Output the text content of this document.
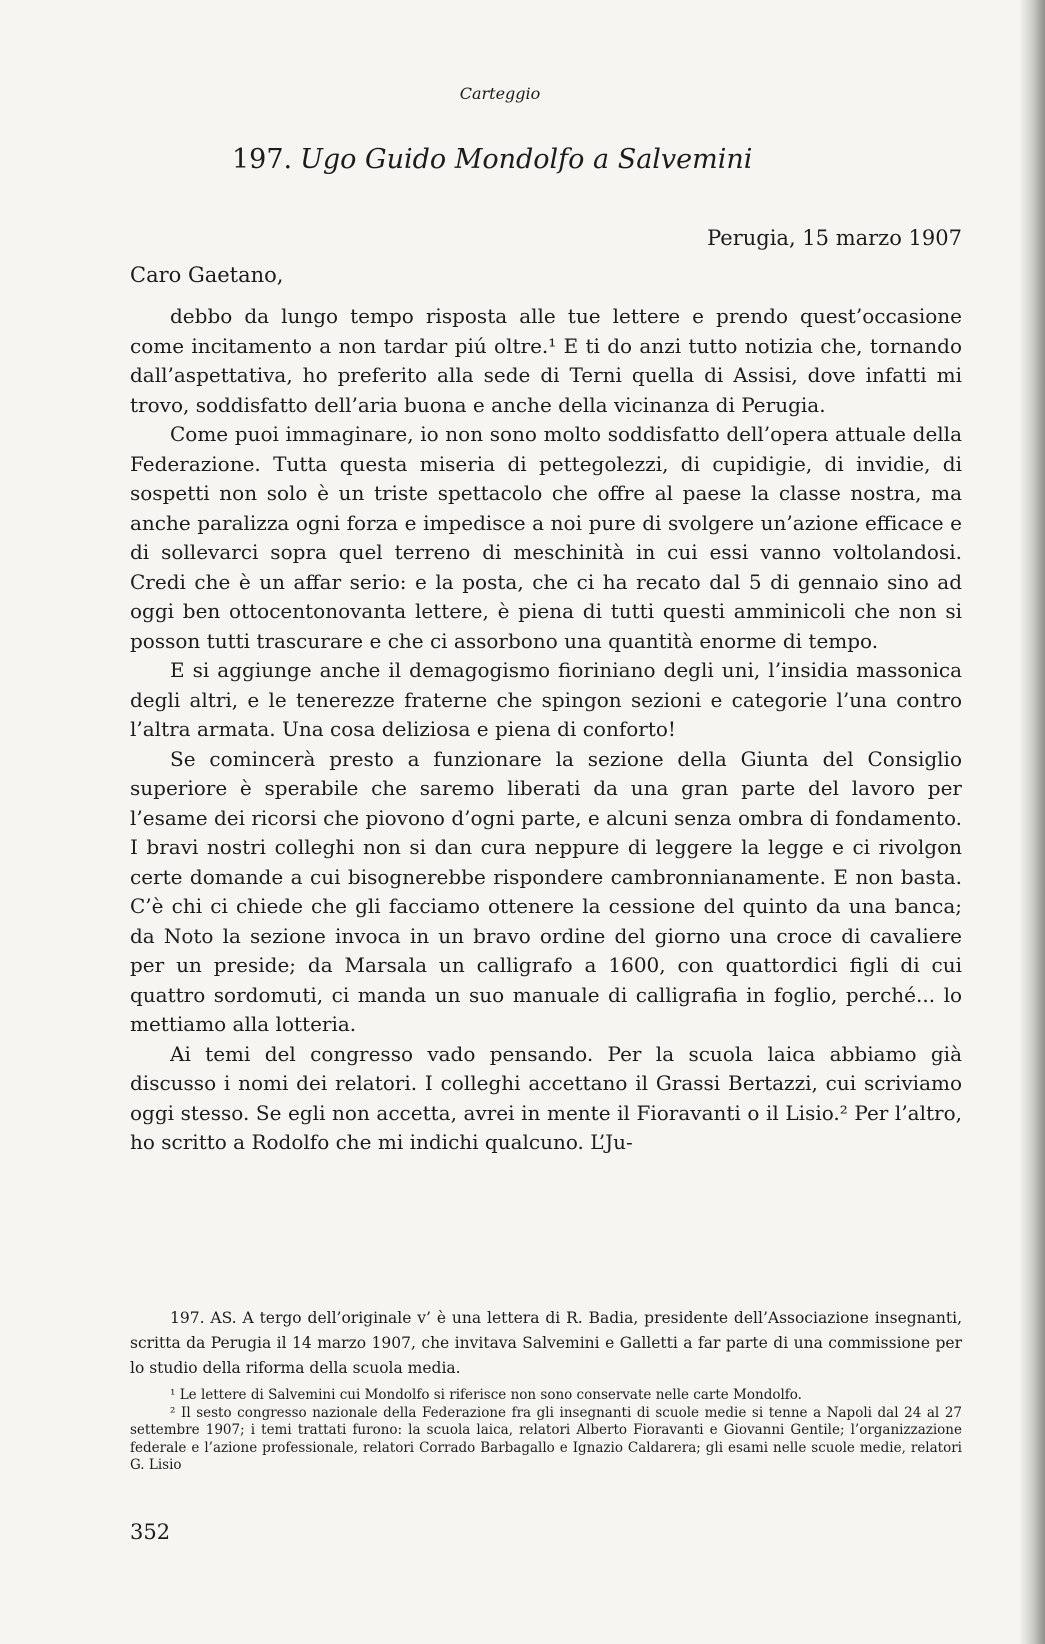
Carteggio
197. Ugo Guido Mondolfo a Salvemini
Perugia, 15 marzo 1907
Caro Gaetano,

debbo da lungo tempo risposta alle tue lettere e prendo quest’occasione come incitamento a non tardar piú oltre.¹ E ti do anzi tutto notizia che, tornando dall’aspettativa, ho preferito alla sede di Terni quella di Assisi, dove infatti mi trovo, soddisfatto dell’aria buona e anche della vicinanza di Perugia.

Come puoi immaginare, io non sono molto soddisfatto dell’opera attuale della Federazione. Tutta questa miseria di pettegolezzi, di cupidigie, di invidie, di sospetti non solo è un triste spettacolo che offre al paese la classe nostra, ma anche paralizza ogni forza e impedisce a noi pure di svolgere un’azione efficace e di sollevarci sopra quel terreno di meschinità in cui essi vanno voltolandosi. Credi che è un affar serio: e la posta, che ci ha recato dal 5 di gennaio sino ad oggi ben ottocentonovanta lettere, è piena di tutti questi amminicoli che non si posson tutti trascurare e che ci assorbono una quantità enorme di tempo.

E si aggiunge anche il demagogismo fioriniano degli uni, l’insidia massonica degli altri, e le tenerezze fraterne che spingon sezioni e categorie l’una contro l’altra armata. Una cosa deliziosa e piena di conforto!

Se comincerà presto a funzionare la sezione della Giunta del Consiglio superiore è sperabile che saremo liberati da una gran parte del lavoro per l’esame dei ricorsi che piovono d’ogni parte, e alcuni senza ombra di fondamento. I bravi nostri colleghi non si dan cura neppure di leggere la legge e ci rivolgon certe domande a cui bisognerebbe rispondere cambronnianamente. E non basta. C’è chi ci chiede che gli facciamo ottenere la cessione del quinto da una banca; da Noto la sezione invoca in un bravo ordine del giorno una croce di cavaliere per un preside; da Marsala un calligrafo a 1600, con quattordici figli di cui quattro sordomuti, ci manda un suo manuale di calligrafia in foglio, perché... lo mettiamo alla lotteria.

Ai temi del congresso vado pensando. Per la scuola laica abbiamo già discusso i nomi dei relatori. I colleghi accettano il Grassi Bertazzi, cui scriviamo oggi stesso. Se egli non accetta, avrei in mente il Fioravanti o il Lisio.² Per l’altro, ho scritto a Rodolfo che mi indichi qualcuno. L’Ju-

197. AS. A tergo dell’originale v’ è una lettera di R. Badia, presidente dell’Associazione insegnanti, scritta da Perugia il 14 marzo 1907, che invitava Salvemini e Galletti a far parte di una commissione per lo studio della riforma della scuola media.

¹ Le lettere di Salvemini cui Mondolfo si riferisce non sono conservate nelle carte Mondolfo.

² Il sesto congresso nazionale della Federazione fra gli insegnanti di scuole medie si tenne a Napoli dal 24 al 27 settembre 1907; i temi trattati furono: la scuola laica, relatori Alberto Fioravanti e Giovanni Gentile; l’organizzazione federale e l’azione professionale, relatori Corrado Barbagallo e Ignazio Caldarera; gli esami nelle scuole medie, relatori G. Lisio

352
